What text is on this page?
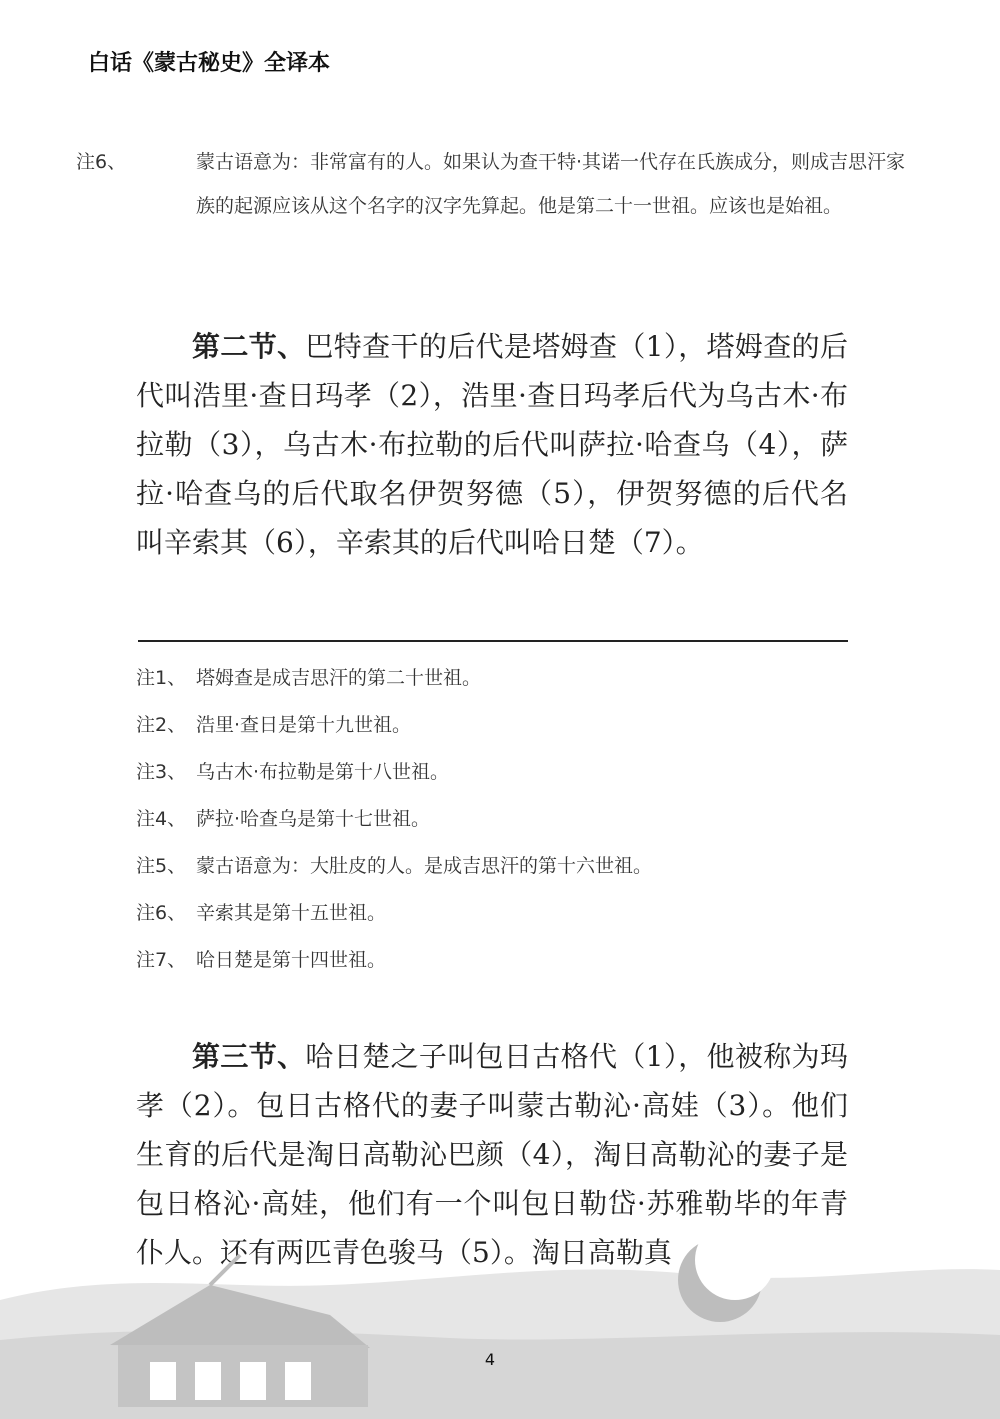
白话《蒙古秘史》全译本
注6、	蒙古语意为：非常富有的人。如果认为查干特·其诺一代存在氏族成分，则成吉思汗家族的起源应该从这个名字的汉字先算起。他是第二十一世祖。应该也是始祖。
第二节、巴特查干的后代是塔姆查（1），塔姆查的后代叫浩里·查日玛孝（2），浩里·查日玛孝后代为乌古木·布拉勒（3），乌古木·布拉勒的后代叫萨拉·哈查乌（4），萨拉·哈查乌的后代取名伊贺努德（5），伊贺努德的后代名叫辛索其（6），辛索其的后代叫哈日楚（7）。
注1、 塔姆查是成吉思汗的第二十世祖。
注2、 浩里·查日是第十九世祖。
注3、 乌古木·布拉勒是第十八世祖。
注4、 萨拉·哈查乌是第十七世祖。
注5、 蒙古语意为：大肚皮的人。是成吉思汗的第十六世祖。
注6、 辛索其是第十五世祖。
注7、 哈日楚是第十四世祖。
第三节、哈日楚之子叫包日古格代（1），他被称为玛孝（2）。包日古格代的妻子叫蒙古勒沁·高娃（3）。他们生育的后代是淘日高勒沁巴颜（4），淘日高勒沁的妻子是包日格沁·高娃，他们有一个叫包日勒岱·苏雅勒毕的年青仆人。还有两匹青色骏马（5）。淘日高勒真
4
